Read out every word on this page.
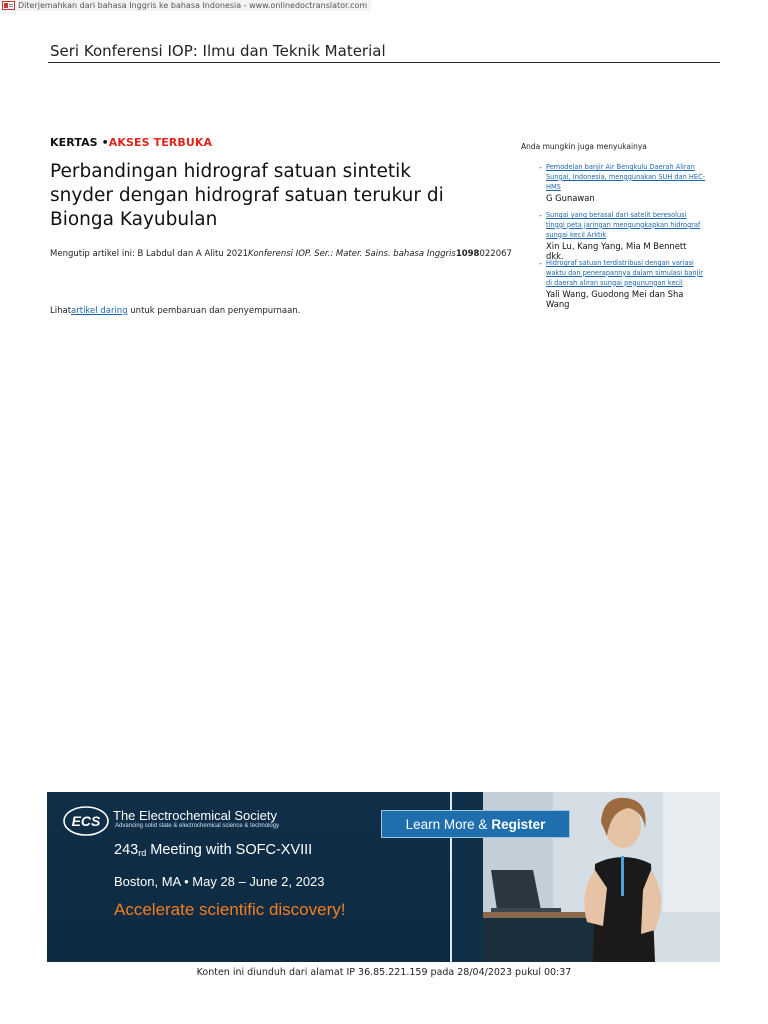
Diterjemahkan dari bahasa Inggris ke bahasa Indonesia - www.onlinedoctranslator.com
Seri Konferensi IOP: Ilmu dan Teknik Material
KERTAS •AKSES TERBUKA
Perbandingan hidrograf satuan sintetik snyder dengan hidrograf satuan terukur di Bionga Kayubulan
Mengutip artikel ini: B Labdul dan A Alitu 2021Konferensi IOP. Ser.: Mater. Sains. bahasa Inggris1098022067
Lihatartikel daring untuk pembaruan dan penyempurnaan.
Anda mungkin juga menyukainya
- Pemodelan banjir Air Bengkulu Daerah Aliran Sungai, Indonesia, menggunakan SUH dan HEC-HMS
G Gunawan
- Sungai yang berasal dari satelit beresolusi tinggi peta jaringan mengungkapkan hidrograf sungai kecil Arktik
Xin Lu, Kang Yang, Mia M Bennett dkk.
- Hidrograf satuan terdistribusi dengan variasi waktu dan penerapannya dalam simulasi banjir di daerah aliran sungai pegunungan kecil
Yali Wang, Guodong Mei dan Sha Wang
ECS The Electrochemical Society
Advancing solid state & electrochemical science & technology	Learn More & Register
$243_{rd}$ Meeting with SOFC-XVIII
Boston, MA • May 28 – June 2, 2023
Accelerate scientific discovery!
Konten ini diunduh dari alamat IP 36.85.221.159 pada 28/04/2023 pukul 00:37
